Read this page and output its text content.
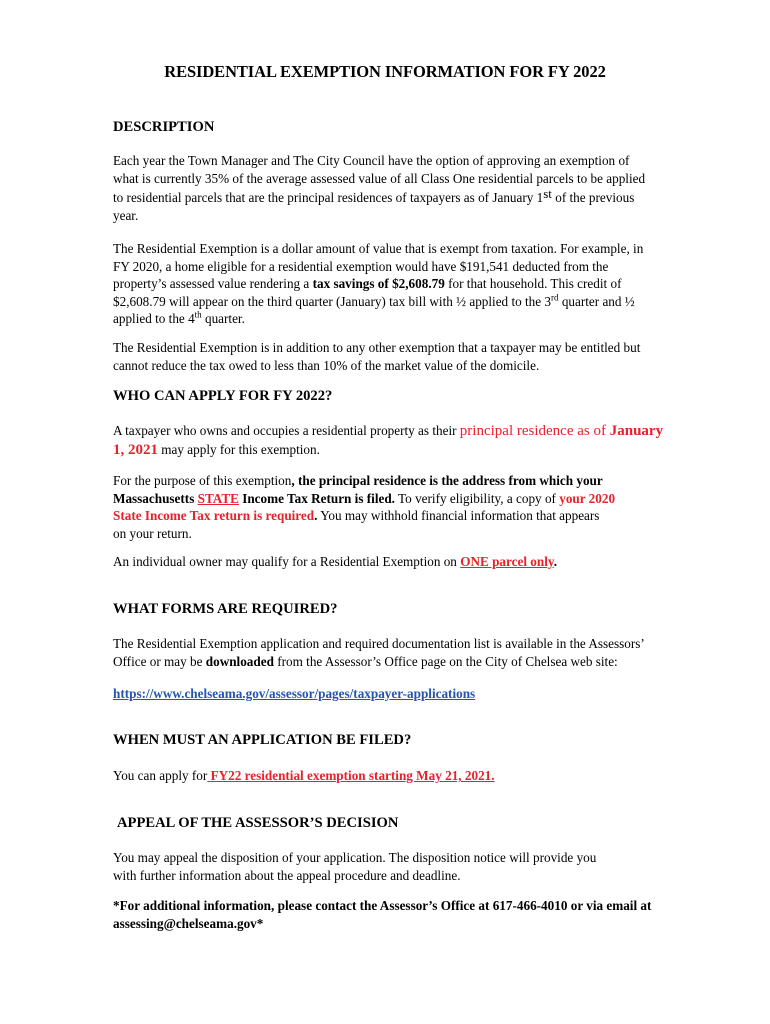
RESIDENTIAL EXEMPTION INFORMATION FOR FY 2022
DESCRIPTION
Each year the Town Manager and The City Council have the option of approving an exemption of
what is currently 35% of the average assessed value of all Class One residential parcels to be applied
to residential parcels that are the principal residences of taxpayers as of January 1st of the previous
year.
The Residential Exemption is a dollar amount of value that is exempt from taxation. For example, in
FY 2020, a home eligible for a residential exemption would have $191,541 deducted from the
property’s assessed value rendering a tax savings of $2,608.79 for that household. This credit of
$2,608.79 will appear on the third quarter (January) tax bill with ½ applied to the 3rd quarter and ½
applied to the 4th quarter.
The Residential Exemption is in addition to any other exemption that a taxpayer may be entitled but
cannot reduce the tax owed to less than 10% of the market value of the domicile.
WHO CAN APPLY FOR FY 2022?
A taxpayer who owns and occupies a residential property as their principal residence as of January
1, 2021 may apply for this exemption.
For the purpose of this exemption, the principal residence is the address from which your
Massachusetts STATE Income Tax Return is filed. To verify eligibility, a copy of your 2020
State Income Tax return is required. You may withhold financial information that appears
on your return.
An individual owner may qualify for a Residential Exemption on ONE parcel only.
WHAT FORMS ARE REQUIRED?
The Residential Exemption application and required documentation list is available in the Assessors’
Office or may be downloaded from the Assessor’s Office page on the City of Chelsea web site:
https://www.chelseama.gov/assessor/pages/taxpayer-applications
WHEN MUST AN APPLICATION BE FILED?
You can apply for FY22 residential exemption starting May 21, 2021.
APPEAL OF THE ASSESSOR’S DECISION
You may appeal the disposition of your application. The disposition notice will provide you
with further information about the appeal procedure and deadline.
*For additional information, please contact the Assessor’s Office at 617-466-4010 or via email at
assessing@chelseama.gov*
